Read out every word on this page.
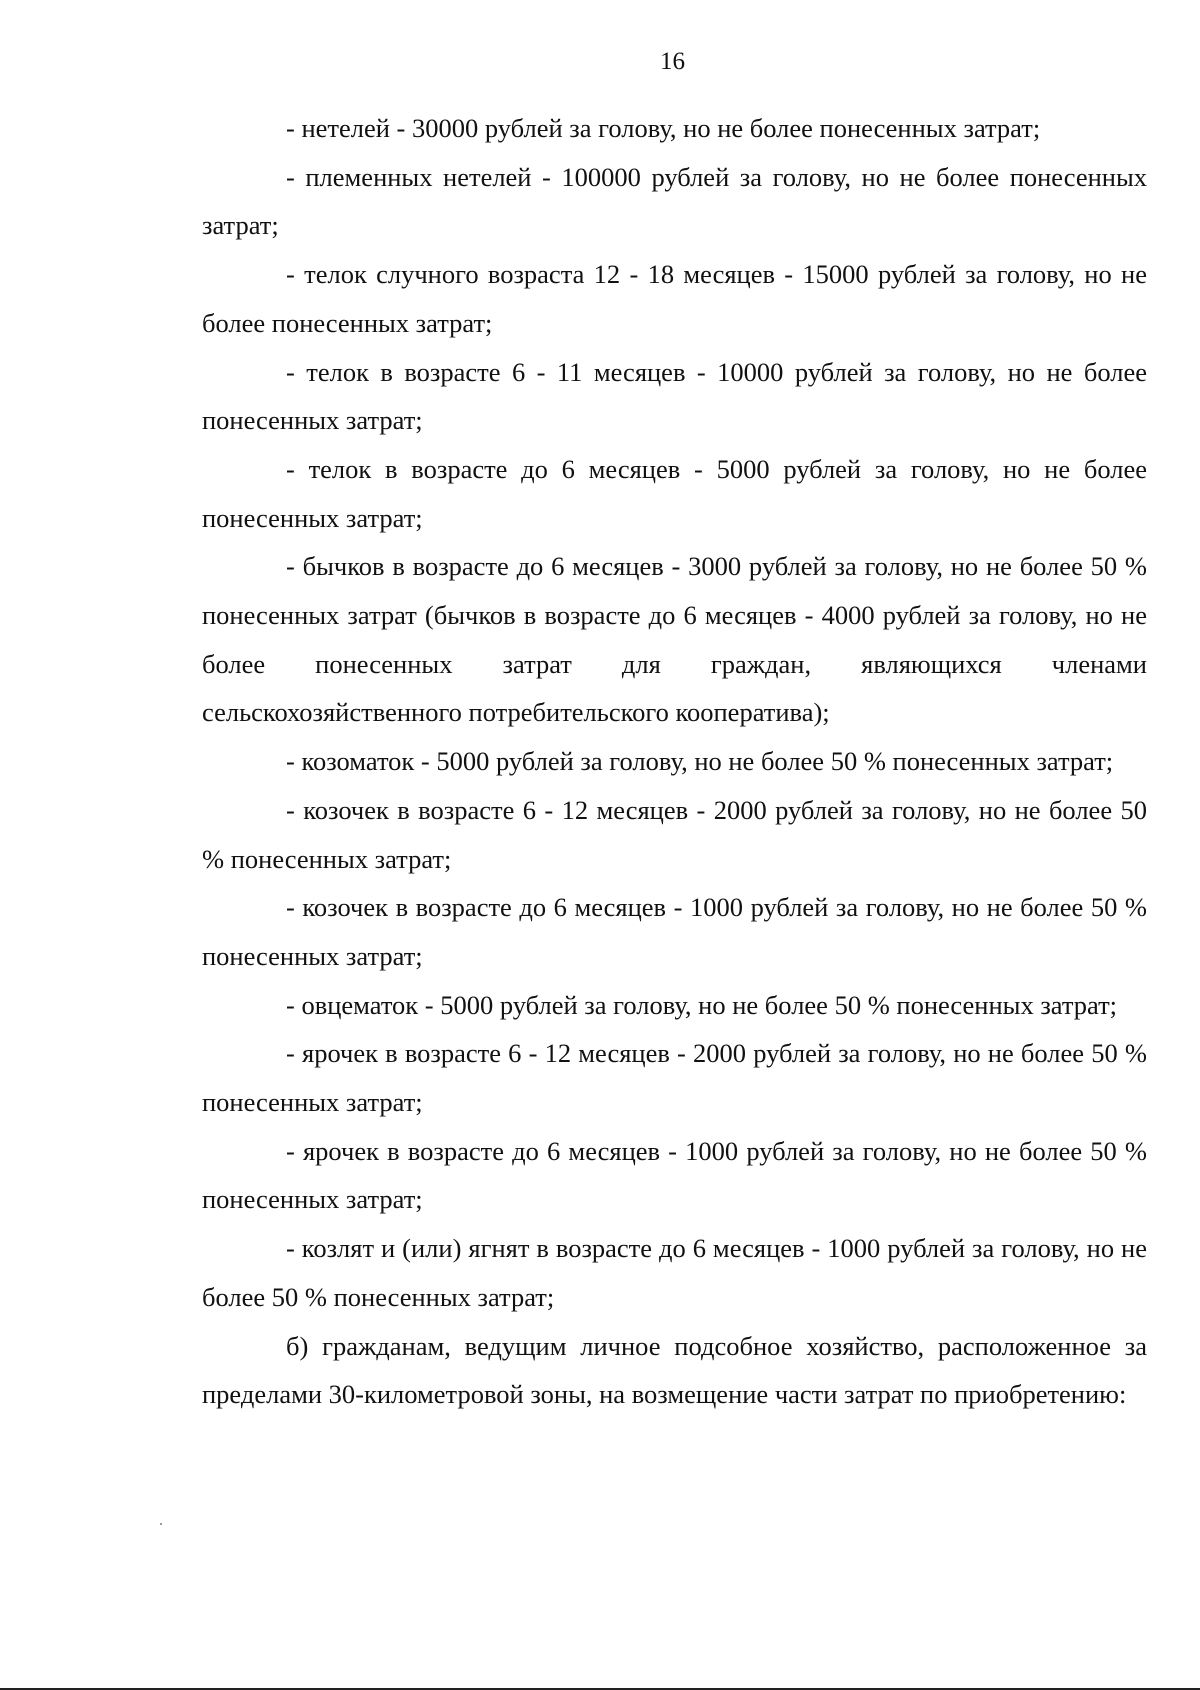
16

- нетелей - 30000 рублей за голову, но не более понесенных затрат;

- племенных нетелей - 100000 рублей за голову, но не более понесенных затрат;

- телок случного возраста 12 - 18 месяцев - 15000 рублей за голову, но не более понесенных затрат;

- телок в возрасте 6 - 11 месяцев - 10000 рублей за голову, но не более понесенных затрат;

- телок в возрасте до 6 месяцев - 5000 рублей за голову, но не более понесенных затрат;

- бычков в возрасте до 6 месяцев - 3000 рублей за голову, но не более 50 % понесенных затрат (бычков в возрасте до 6 месяцев - 4000 рублей за голову, но не более понесенных затрат для граждан, являющихся членами сельскохозяйственного потребительского кооператива);

- козоматок - 5000 рублей за голову, но не более 50 % понесенных затрат;

- козочек в возрасте 6 - 12 месяцев - 2000 рублей за голову, но не более 50 % понесенных затрат;

- козочек в возрасте до 6 месяцев - 1000 рублей за голову, но не более 50 % понесенных затрат;

- овцематок - 5000 рублей за голову, но не более 50 % понесенных затрат;

- ярочек в возрасте 6 - 12 месяцев - 2000 рублей за голову, но не более 50 % понесенных затрат;

- ярочек в возрасте до 6 месяцев - 1000 рублей за голову, но не более 50 % понесенных затрат;

- козлят и (или) ягнят в возрасте до 6 месяцев - 1000 рублей за голову, но не более 50 % понесенных затрат;

б) гражданам, ведущим личное подсобное хозяйство, расположенное за пределами 30-километровой зоны, на возмещение части затрат по приобретению:
